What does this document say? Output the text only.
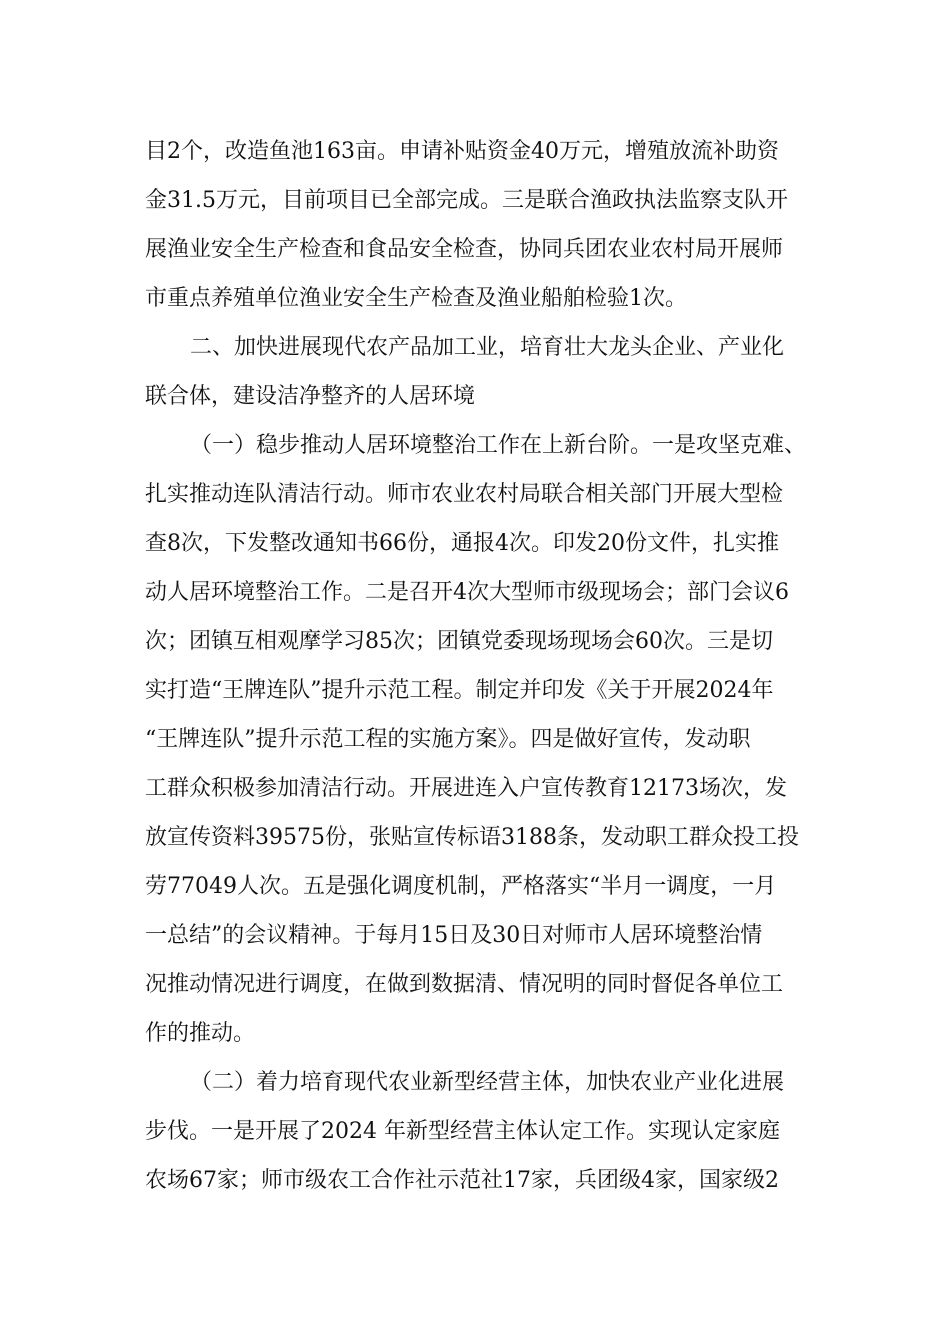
目2个，改造鱼池163亩。申请补贴资金40万元，增殖放流补助资
金31.5万元，目前项目已全部完成。三是联合渔政执法监察支队开
展渔业安全生产检查和食品安全检查，协同兵团农业农村局开展师
市重点养殖单位渔业安全生产检查及渔业船舶检验1次。
二、加快进展现代农产品加工业，培育壮大龙头企业、产业化
联合体，建设洁净整齐的人居环境
（一）稳步推动人居环境整治工作在上新台阶。一是攻坚克难、
扎实推动连队清洁行动。师市农业农村局联合相关部门开展大型检
查8次，下发整改通知书66份，通报4次。印发20份文件，扎实推
动人居环境整治工作。二是召开4次大型师市级现场会；部门会议6
次；团镇互相观摩学习85次；团镇党委现场现场会60次。三是切
实打造“王牌连队”提升示范工程。制定并印发《关于开展2024年
“王牌连队”提升示范工程的实施方案》。四是做好宣传，发动职
工群众积极参加清洁行动。开展进连入户宣传教育12173场次，发
放宣传资料39575份，张贴宣传标语3188条，发动职工群众投工投
劳77049人次。五是强化调度机制，严格落实“半月一调度，一月
一总结”的会议精神。于每月15日及30日对师市人居环境整治情
况推动情况进行调度，在做到数据清、情况明的同时督促各单位工
作的推动。
（二）着力培育现代农业新型经营主体，加快农业产业化进展
步伐。一是开展了2024 年新型经营主体认定工作。实现认定家庭
农场67家；师市级农工合作社示范社17家，兵团级4家，国家级2
